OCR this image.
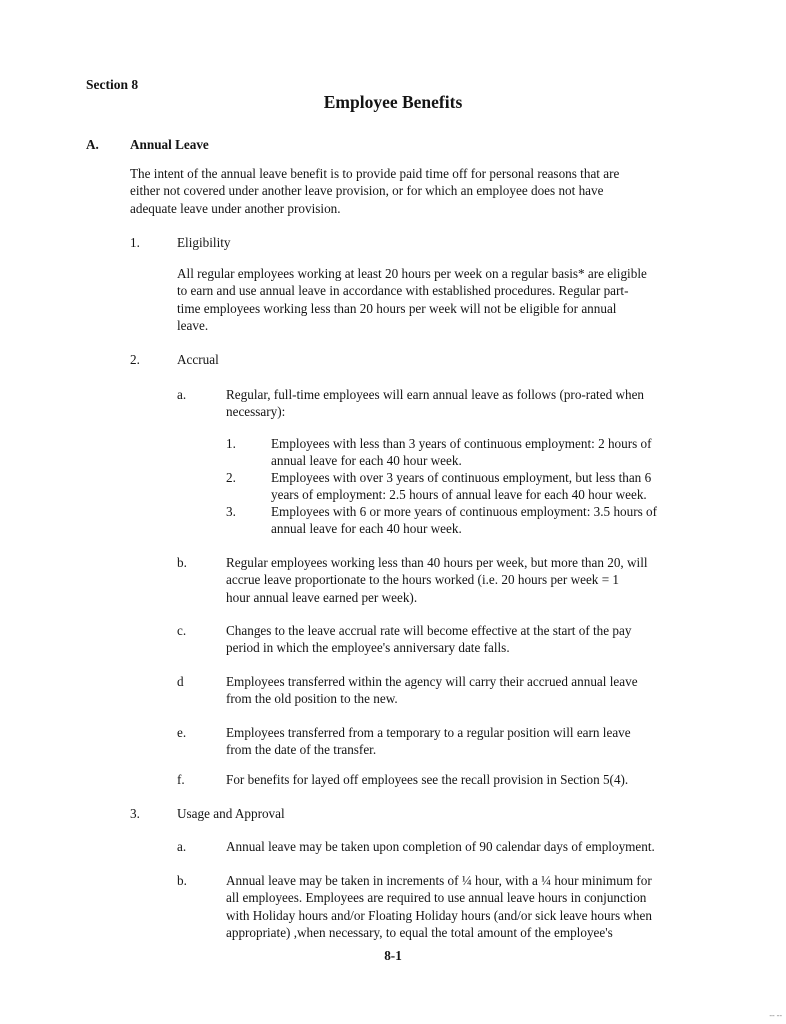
Section 8
Employee Benefits
A. Annual Leave
The intent of the annual leave benefit is to provide paid time off for personal reasons that are
either not covered under another leave provision, or for which an employee does not have
adequate leave under another provision.
1.	Eligibility
All regular employees working at least 20 hours per week on a regular basis* are eligible
to earn and use annual leave in accordance with established procedures. Regular part-
time employees working less than 20 hours per week will not be eligible for annual
leave.
2.	Accrual
a.	Regular, full-time employees will earn annual leave as follows (pro-rated when
necessary):
1.	Employees with less than 3 years of continuous employment: 2 hours of
annual leave for each 40 hour week.
2.	Employees with over 3 years of continuous employment, but less than 6
years of employment: 2.5 hours of annual leave for each 40 hour week.
3.	Employees with 6 or more years of continuous employment: 3.5 hours of
annual leave for each 40 hour week.
b.	Regular employees working less than 40 hours per week, but more than 20, will
accrue leave proportionate to the hours worked (i.e. 20 hours per week = 1
hour annual leave earned per week).
c.	Changes to the leave accrual rate will become effective at the start of the pay
period in which the employee's anniversary date falls.
d	Employees transferred within the agency will carry their accrued annual leave
from the old position to the new.
e.	Employees transferred from a temporary to a regular position will earn leave
from the date of the transfer.
f.	For benefits for layed off employees see the recall provision in Section 5(4).
3.	Usage and Approval
a.	Annual leave may be taken upon completion of 90 calendar days of employment.
b.	Annual leave may be taken in increments of ¼ hour, with a ¼ hour minimum for
all employees. Employees are required to use annual leave hours in conjunction
with Holiday hours and/or Floating Holiday hours (and/or sick leave hours when
appropriate) ,when necessary, to equal the total amount of the employee's
8-1
-- --
